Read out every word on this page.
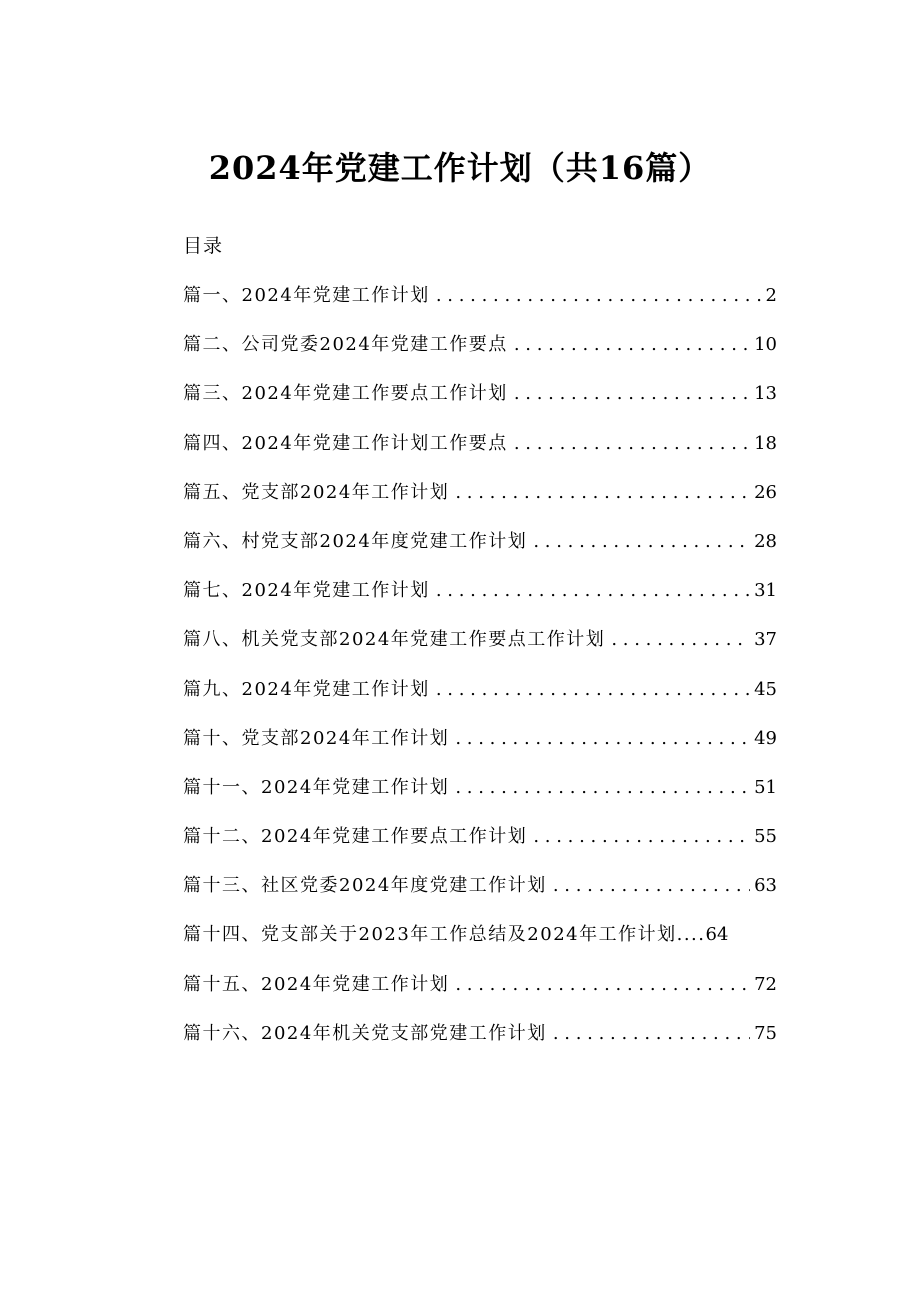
2024年党建工作计划（共16篇）
目录
篇一、2024年党建工作计划 . . .	2
篇二、公司党委2024年党建工作要点 . . .	10
篇三、2024年党建工作要点工作计划 . . .	13
篇四、2024年党建工作计划工作要点 . . .	18
篇五、党支部2024年工作计划 . . .	26
篇六、村党支部2024年度党建工作计划 . . .	28
篇七、2024年党建工作计划 . . .	31
篇八、机关党支部2024年党建工作要点工作计划 . . .	37
篇九、2024年党建工作计划 . . .	45
篇十、党支部2024年工作计划 . . .	49
篇十一、2024年党建工作计划 . . .	51
篇十二、2024年党建工作要点工作计划 . . .	55
篇十三、社区党委2024年度党建工作计划 . . .	63
篇十四、党支部关于2023年工作总结及2024年工作计划.... 64
篇十五、2024年党建工作计划 . . .	72
篇十六、2024年机关党支部党建工作计划 . . .	75
